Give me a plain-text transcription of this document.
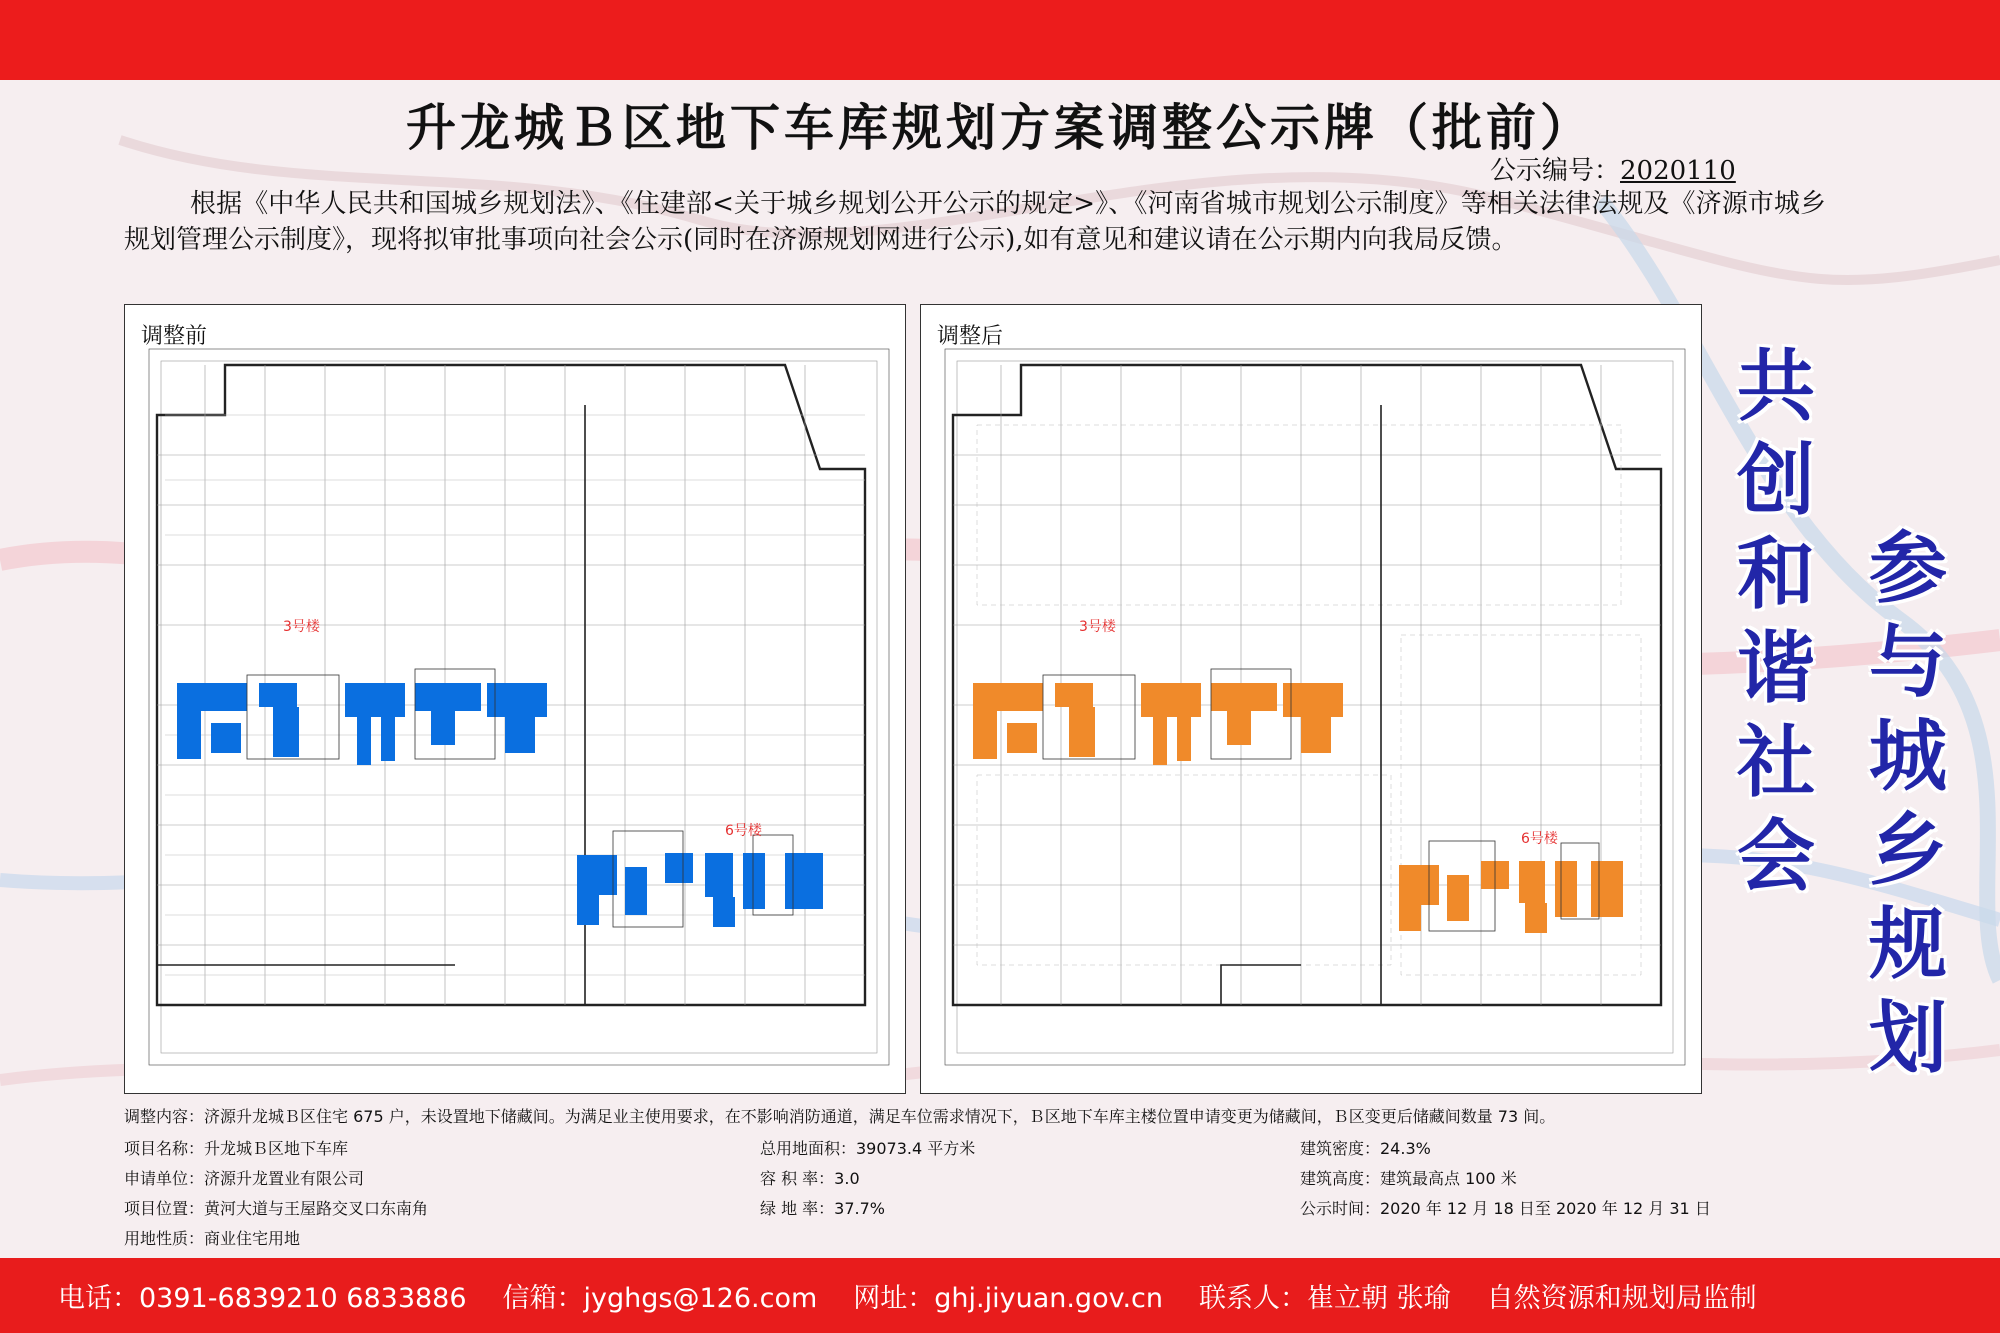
升龙城Ｂ区地下车库规划方案调整公示牌（批前）
公示编号：2020110
根据《中华人民共和国城乡规划法》、《住建部<关于城乡规划公开公示的规定>》、《河南省城市规划公示制度》等相关法律法规及《济源市城乡规划管理公示制度》，现将拟审批事项向社会公示(同时在济源规划网进行公示),如有意见和建议请在公示期内向我局反馈。
3号楼
6号楼
调整前
3号楼
6号楼
调整后
共
创
和
谐
社
会
参
与
城
乡
规
划
调整内容：济源升龙城Ｂ区住宅 675 户，未设置地下储藏间。为满足业主使用要求，在不影响消防通道，满足车位需求情况下，Ｂ区地下车库主楼位置申请变更为储藏间，Ｂ区变更后储藏间数量 73 间。
项目名称：升龙城Ｂ区地下车库
申请单位：济源升龙置业有限公司
项目位置：黄河大道与王屋路交叉口东南角
用地性质：商业住宅用地
总用地面积：39073.4 平方米
容 积 率：3.0
绿 地 率：37.7%
建筑密度：24.3%
建筑高度：建筑最高点 100 米
公示时间：2020 年 12 月 18 日至 2020 年 12 月 31 日
电话：0391-6839210 6833886 信箱：jyghgs@126.com 网址：ghj.jiyuan.gov.cn 联系人：崔立朝 张瑜 自然资源和规划局监制
